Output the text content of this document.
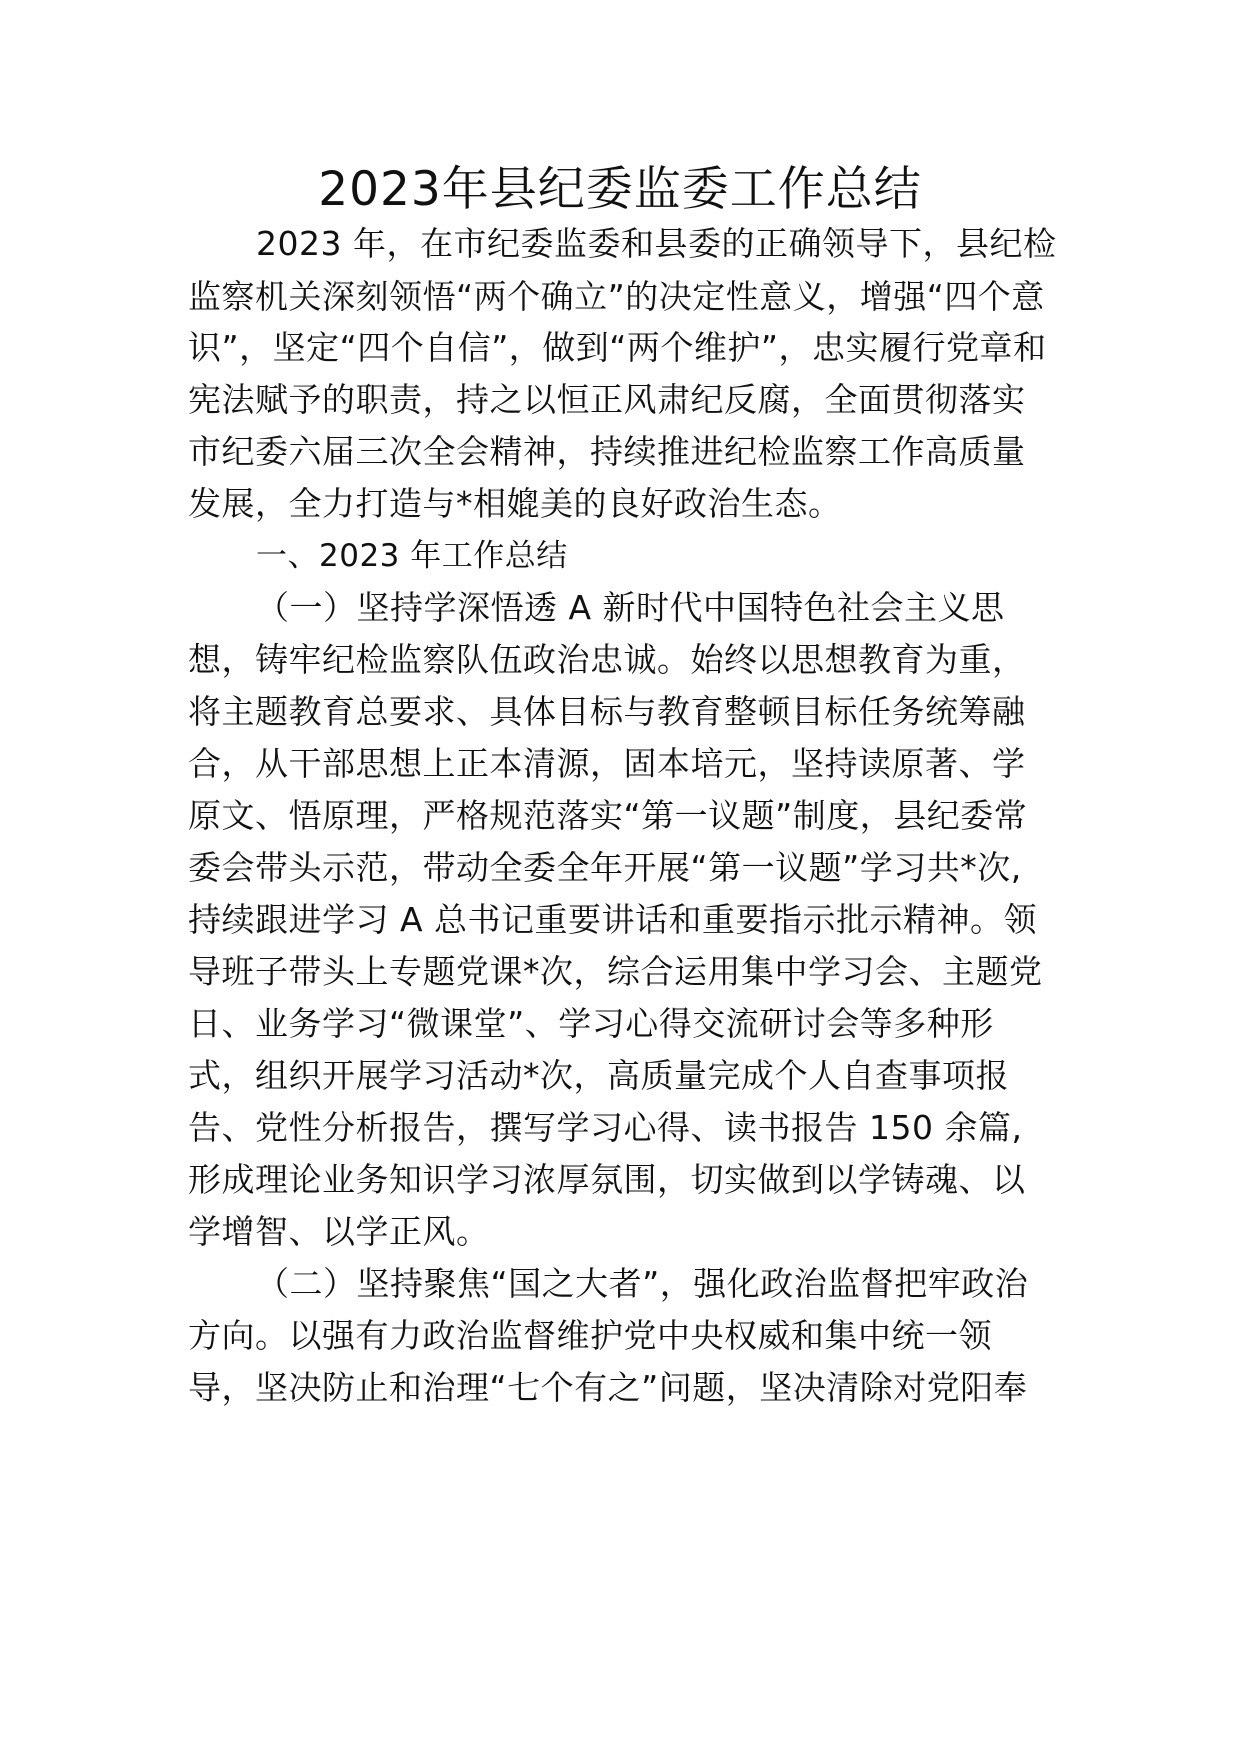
2023年县纪委监委工作总结
2023 年，在市纪委监委和县委的正确领导下，县纪检
监察机关深刻领悟“两个确立”的决定性意义，增强“四个意
识”，坚定“四个自信”，做到“两个维护”，忠实履行党章和
宪法赋予的职责，持之以恒正风肃纪反腐，全面贯彻落实
市纪委六届三次全会精神，持续推进纪检监察工作高质量
发展，全力打造与*相媲美的良好政治生态。
一、2023 年工作总结
（一）坚持学深悟透 A 新时代中国特色社会主义思
想，铸牢纪检监察队伍政治忠诚。始终以思想教育为重，
将主题教育总要求、具体目标与教育整顿目标任务统筹融
合，从干部思想上正本清源，固本培元，坚持读原著、学
原文、悟原理，严格规范落实“第一议题”制度，县纪委常
委会带头示范，带动全委全年开展“第一议题”学习共*次,
持续跟进学习 A 总书记重要讲话和重要指示批示精神。领
导班子带头上专题党课*次，综合运用集中学习会、主题党
日、业务学习“微课堂”、学习心得交流研讨会等多种形
式，组织开展学习活动*次，高质量完成个人自查事项报
告、党性分析报告，撰写学习心得、读书报告 150 余篇,
形成理论业务知识学习浓厚氛围，切实做到以学铸魂、以
学增智、以学正风。
（二）坚持聚焦“国之大者”，强化政治监督把牢政治
方向。以强有力政治监督维护党中央权威和集中统一领
导，坚决防止和治理“七个有之”问题，坚决清除对党阳奉
